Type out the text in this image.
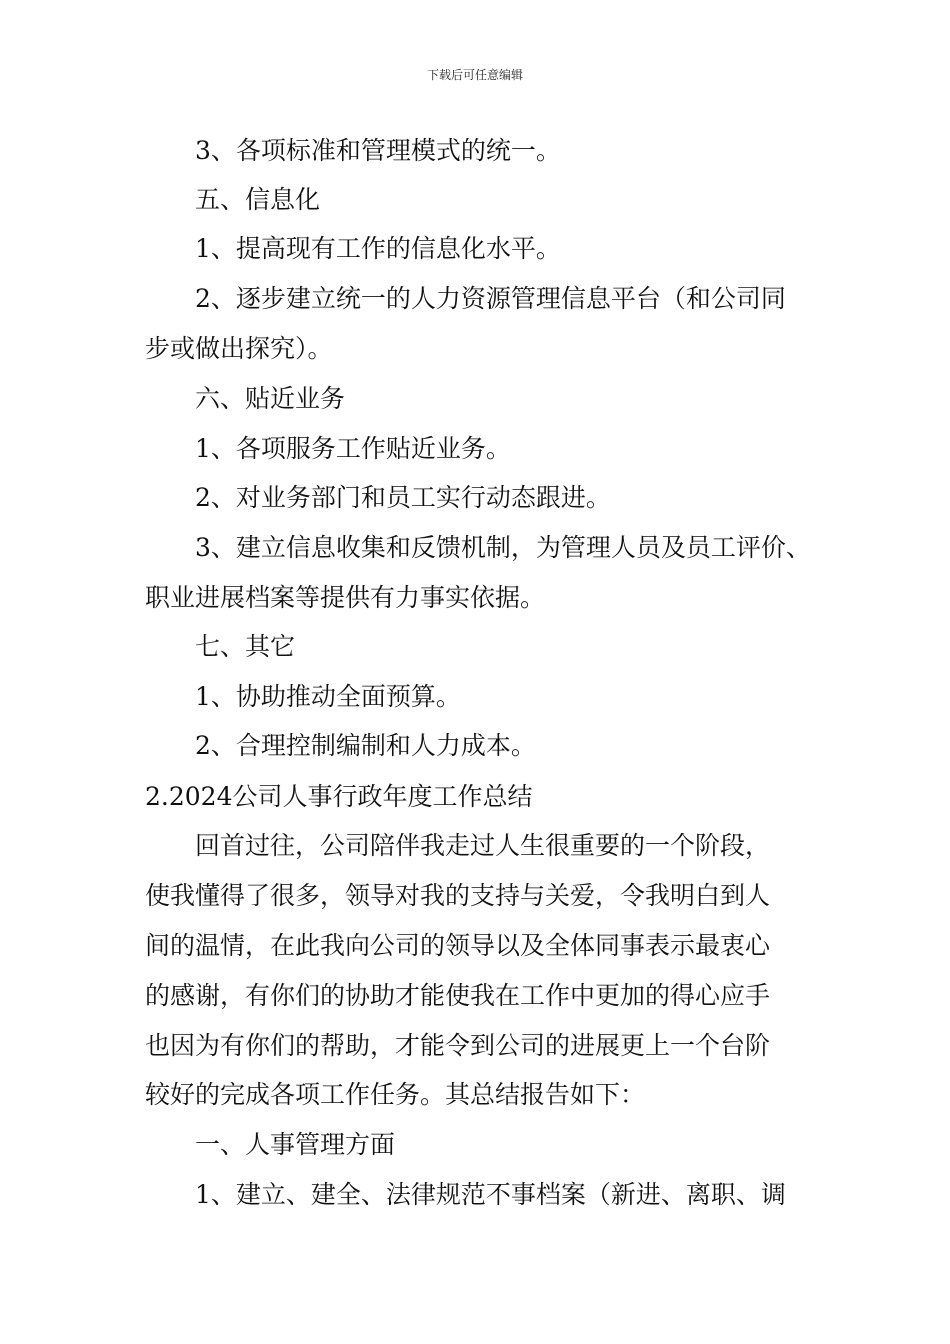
下载后可任意编辑
3、各项标准和管理模式的统一。
五、信息化
1、提高现有工作的信息化水平。
2、逐步建立统一的人力资源管理信息平台（和公司同
步或做出探究）。
六、贴近业务
1、各项服务工作贴近业务。
2、对业务部门和员工实行动态跟进。
3、建立信息收集和反馈机制，为管理人员及员工评价、
职业进展档案等提供有力事实依据。
七、其它
1、协助推动全面预算。
2、合理控制编制和人力成本。
2.2024公司人事行政年度工作总结
回首过往，公司陪伴我走过人生很重要的一个阶段，
使我懂得了很多，领导对我的支持与关爱，令我明白到人
间的温情，在此我向公司的领导以及全体同事表示最衷心
的感谢，有你们的协助才能使我在工作中更加的得心应手
也因为有你们的帮助，才能令到公司的进展更上一个台阶
较好的完成各项工作任务。其总结报告如下：
一、人事管理方面
1、建立、建全、法律规范不事档案（新进、离职、调
